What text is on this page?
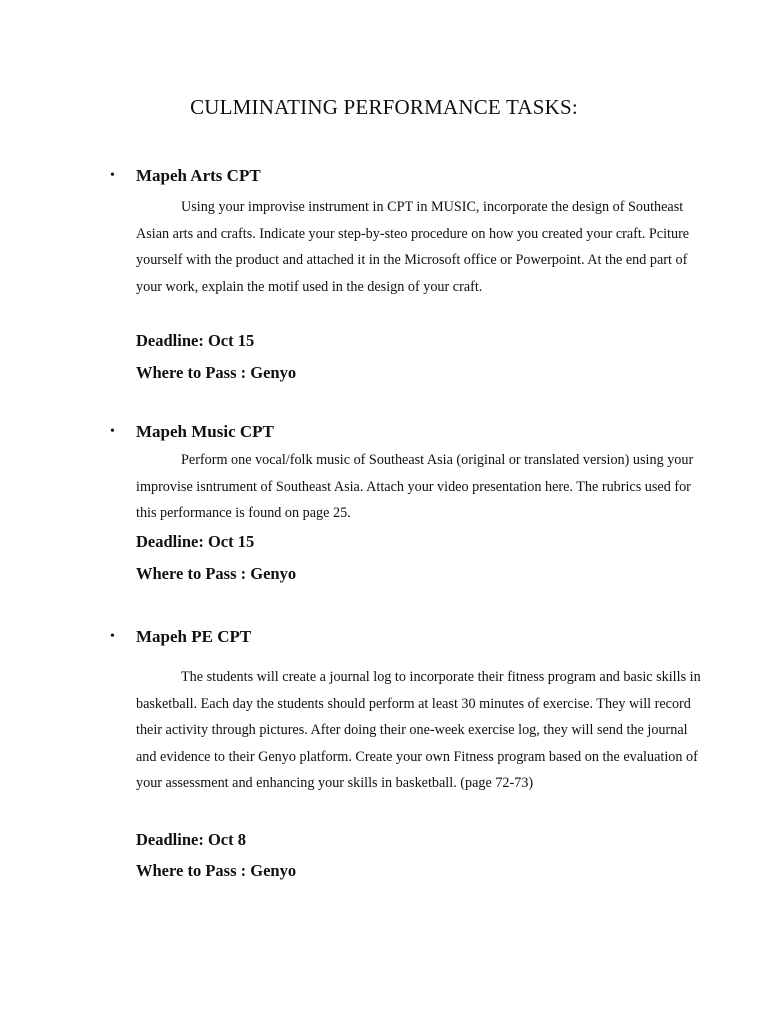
CULMINATING PERFORMANCE TASKS:
• Mapeh Arts CPT

Using your improvise instrument in CPT in MUSIC, incorporate the design of Southeast Asian arts and crafts. Indicate your step-by-steo procedure on how you created your craft. Pciture yourself with the product and attached it in the Microsoft office or Powerpoint. At the end part of your work, explain the motif used in the design of your craft.

Deadline: Oct 15

Where to Pass : Genyo

• Mapeh Music CPT

Perform one vocal/folk music of Southeast Asia (original or translated version) using your improvise isntrument of Southeast Asia. Attach your video presentation here. The rubrics used for this performance is found on page 25.

Deadline: Oct 15

Where to Pass : Genyo

• Mapeh PE CPT

The students will create a journal log to incorporate their fitness program and basic skills in basketball. Each day the students should perform at least 30 minutes of exercise. They will record their activity through pictures. After doing their one-week exercise log, they will send the journal and evidence to their Genyo platform. Create your own Fitness program based on the evaluation of your assessment and enhancing your skills in basketball. (page 72-73)

Deadline: Oct 8

Where to Pass : Genyo
